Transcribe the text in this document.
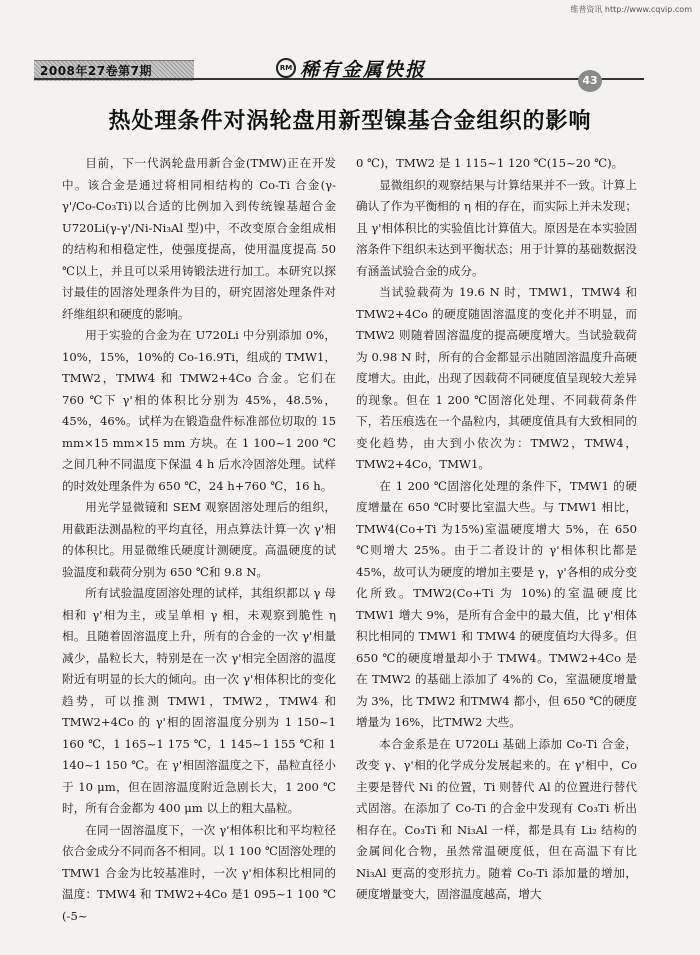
维普资讯 http://www.cqvip.com
2008年27卷第7期	RM 稀有金属快报	43
热处理条件对涡轮盘用新型镍基合金组织的影响

目前，下一代涡轮盘用新合金(TMW)正在开发中。该合金是通过将相同相结构的 Co-Ti 合金(γ-γ'/Co-Co₃Ti)以合适的比例加入到传统镍基超合金 U720Li(γ-γ'/Ni-Ni₃Al 型)中，不改变原合金组成相的结构和相稳定性，使强度提高，使用温度提高 50 ℃以上，并且可以采用铸锻法进行加工。本研究以探讨最佳的固溶处理条件为目的，研究固溶处理条件对纤维组织和硬度的影响。

用于实验的合金为在 U720Li 中分别添加 0%，10%，15%，10%的 Co-16.9Ti，组成的 TMW1，TMW2，TMW4 和 TMW2+4Co 合金。它们在 760 ℃下 γ'相的体积比分别为 45%，48.5%，45%，46%。试样为在锻造盘件标准部位切取的 15 mm×15 mm×15 mm 方块。在 1 100~1 200 ℃之间几种不同温度下保温 4 h 后水冷固溶处理。试样的时效处理条件为 650 ℃，24 h+760 ℃，16 h。

用光学显微镜和 SEM 观察固溶处理后的组织，用截距法测晶粒的平均直径，用点算法计算一次 γ'相的体积比。用显微维氏硬度计测硬度。高温硬度的试验温度和载荷分别为 650 ℃和 9.8 N。

所有试验温度固溶处理的试样，其组织都以 γ 母相和 γ'相为主，或呈单相 γ 相，未观察到脆性 η 相。且随着固溶温度上升，所有的合金的一次 γ'相量减少，晶粒长大，特别是在一次 γ'相完全固溶的温度附近有明显的长大的倾向。由一次 γ'相体积比的变化趋势，可以推测 TMW1，TMW2，TMW4 和 TMW2+4Co 的 γ'相的固溶温度分别为 1 150~1 160 ℃，1 165~1 175 ℃，1 145~1 155 ℃和 1 140~1 150 ℃。在 γ'相固溶温度之下，晶粒直径小于 10 μm，但在固溶温度附近急剧长大，1 200 ℃时，所有合金都为 400 μm 以上的粗大晶粒。

在同一固溶温度下，一次 γ'相体积比和平均粒径依合金成分不同而各不相同。以 1 100 ℃固溶处理的 TMW1 合金为比较基准时，一次 γ'相体积比相同的温度：TMW4 和 TMW2+4Co 是1 095~1 100 ℃(-5~

0 ℃)，TMW2 是 1 115~1 120 ℃(15~20 ℃)。

显微组织的观察结果与计算结果并不一致。计算上确认了作为平衡相的 η 相的存在，而实际上并未发现；且 γ'相体积比的实验值比计算值大。原因是在本实验固溶条件下组织未达到平衡状态；用于计算的基础数据没有涵盖试验合金的成分。

当试验载荷为 19.6 N 时，TMW1，TMW4 和 TMW2+4Co 的硬度随固溶温度的变化并不明显，而 TMW2 则随着固溶温度的提高硬度增大。当试验载荷为 0.98 N 时，所有的合金都显示出随固溶温度升高硬度增大。由此，出现了因载荷不同硬度值呈现较大差异的现象。但在 1 200 ℃固溶化处理、不同载荷条件下，若压痕选在一个晶粒内，其硬度值具有大致相同的变化趋势，由大到小依次为：TMW2，TMW4，TMW2+4Co，TMW1。

在 1 200 ℃固溶化处理的条件下，TMW1 的硬度增量在 650 ℃时要比室温大些。与 TMW1 相比，TMW4(Co+Ti 为15%)室温硬度增大 5%，在 650 ℃则增大 25%。由于二者设计的 γ'相体积比都是 45%，故可认为硬度的增加主要是 γ，γ'各相的成分变化所致。TMW2(Co+Ti 为 10%)的室温硬度比 TMW1 增大 9%，是所有合金中的最大值，比 γ'相体积比相同的 TMW1 和 TMW4 的硬度值均大得多。但 650 ℃的硬度增量却小于 TMW4。TMW2+4Co 是在 TMW2 的基础上添加了 4%的 Co，室温硬度增量为 3%，比 TMW2 和TMW4 都小，但 650 ℃的硬度增量为 16%，比TMW2 大些。

本合金系是在 U720Li 基础上添加 Co-Ti 合金，改变 γ、γ'相的化学成分发展起来的。在 γ'相中，Co 主要是替代 Ni 的位置，Ti 则替代 Al 的位置进行替代式固溶。在添加了 Co-Ti 的合金中发现有 Co₃Ti 析出相存在。Co₃Ti 和 Ni₃Al 一样，都是具有 Li₂ 结构的金属间化合物，虽然常温硬度低，但在高温下有比 Ni₃Al 更高的变形抗力。随着 Co-Ti 添加量的增加，硬度增量变大，固溶温度越高，增大
